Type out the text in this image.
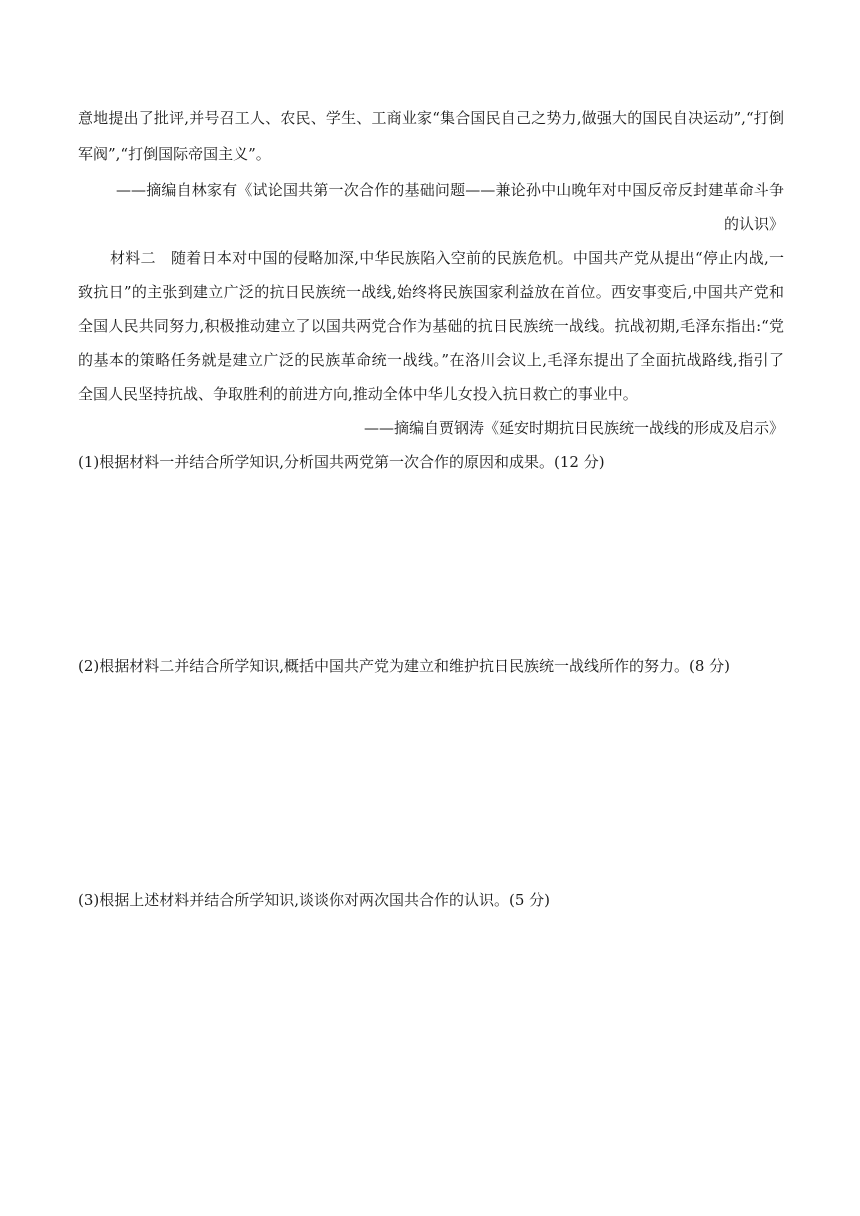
意地提出了批评,并号召工人、农民、学生、工商业家“集合国民自己之势力,做强大的国民自决运动”,“打倒
军阀”,“打倒国际帝国主义”。
——摘编自林家有《试论国共第一次合作的基础问题——兼论孙中山晚年对中国反帝反封建革命斗争
的认识》
材料二　随着日本对中国的侵略加深,中华民族陷入空前的民族危机。中国共产党从提出“停止内战,一
致抗日”的主张到建立广泛的抗日民族统一战线,始终将民族国家利益放在首位。西安事变后,中国共产党和
全国人民共同努力,积极推动建立了以国共两党合作为基础的抗日民族统一战线。抗战初期,毛泽东指出:“党
的基本的策略任务就是建立广泛的民族革命统一战线。”在洛川会议上,毛泽东提出了全面抗战路线,指引了
全国人民坚持抗战、争取胜利的前进方向,推动全体中华儿女投入抗日救亡的事业中。
——摘编自贾钢涛《延安时期抗日民族统一战线的形成及启示》
(1)根据材料一并结合所学知识,分析国共两党第一次合作的原因和成果。(12 分)
(2)根据材料二并结合所学知识,概括中国共产党为建立和维护抗日民族统一战线所作的努力。(8 分)
(3)根据上述材料并结合所学知识,谈谈你对两次国共合作的认识。(5 分)
